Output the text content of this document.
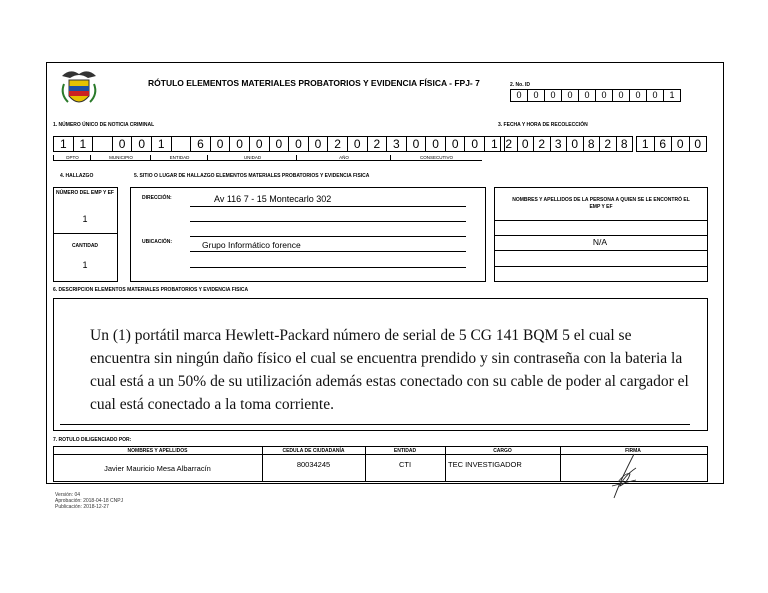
RÓTULO ELEMENTOS MATERIALES PROBATORIOS Y EVIDENCIA FÍSICA - FPJ- 7	2. No. ID
0	0	0	0	0	0	0	0	0	1
1. NÚMERO ÚNICO DE NOTICIA CRIMINAL
1	1	0	0	1	6	0	0	0	0	0	0	2	0	2	3	0	0	0	0	1
DPTO	MUNICIPIO	ENTIDAD	UNIDAD	AÑO	CONSECUTIVO
3. FECHA Y HORA DE RECOLECCIÓN
2 0 2 3 0 8 2 8	1 6 0 0
4. HALLAZGO	5. SITIO O LUGAR DE HALLAZGO ELEMENTOS MATERIALES PROBATORIOS Y EVIDENCIA FISICA
NÚMERO DEL EMP Y EF
1
CANTIDAD
1
DIRECCIÓN:	Av 116 7 - 15 Montecarlo 302
UBICACIÓN:	Grupo Informático forence
NOMBRES Y APELLIDOS DE LA PERSONA A QUIEN SE LE ENCONTRÓ EL EMP Y EF
N/A
6. DESCRIPCION ELEMENTOS MATERIALES PROBATORIOS Y EVIDENCIA FISICA
Un (1) portátil marca Hewlett-Packard número de serial de 5 CG 141 BQM 5 el cual se encuentra sin ningún daño físico el cual se encuentra prendido y sin contraseña con la bateria la cual está a un 50% de su utilización además estas conectado con su cable de poder al cargador el cual está conectado a la toma corriente.
7. ROTULO DILIGENCIADO POR:
NOMBRES Y APELLIDOS
Javier Mauricio Mesa Albarracín
CEDULA DE CIUDADANÍA
80034245
ENTIDAD
CTI
CARGO
TEC INVESTIGADOR
FIRMA
Versión: 04
Aprobación: 2018-04-18 CNPJ
Publicación: 2018-12-27
